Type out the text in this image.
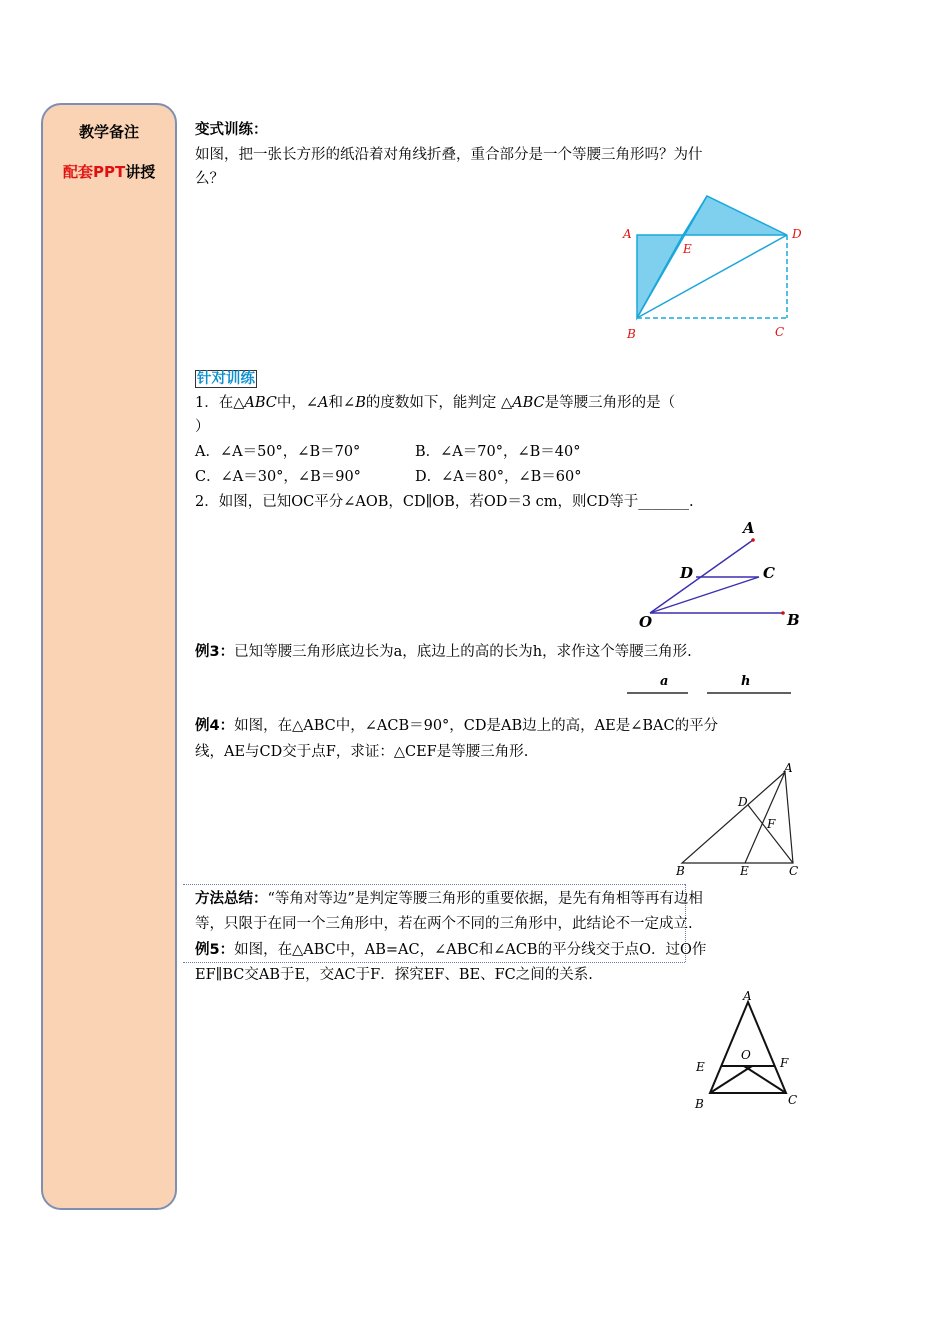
教学备注
配套PPT讲授
变式训练：
如图，把一张长方形的纸沿着对角线折叠，重合部分是一个等腰三角形吗？为什
么？
A
E
D
B	C
针对训练
1．在△ABC中，∠A和∠B的度数如下，能判定 △ABC是等腰三角形的是（
）
A．∠A＝50°，∠B＝70°	B．∠A＝70°，∠B＝40°
C．∠A＝30°，∠B＝90°	D．∠A＝80°，∠B＝60°
2．如图，已知OC平分∠AOB，CD∥OB，若OD＝3 cm，则CD等于_______.
A
D	C
O	B
例3：已知等腰三角形底边长为a，底边上的高的长为h，求作这个等腰三角形.
a	h
例4：如图，在△ABC中，∠ACB＝90°，CD是AB边上的高，AE是∠BAC的平分
线，AE与CD交于点F，求证：△CEF是等腰三角形.
A
D
F
B	E	C
方法总结：“等角对等边”是判定等腰三角形的重要依据，是先有角相等再有边相
等，只限于在同一个三角形中，若在两个不同的三角形中，此结论不一定成立.
例5：如图，在△ABC中，AB=AC，∠ABC和∠ACB的平分线交于点O．过O作
EF∥BC交AB于E，交AC于F．探究EF、BE、FC之间的关系.
A
O
E	F
B	C
